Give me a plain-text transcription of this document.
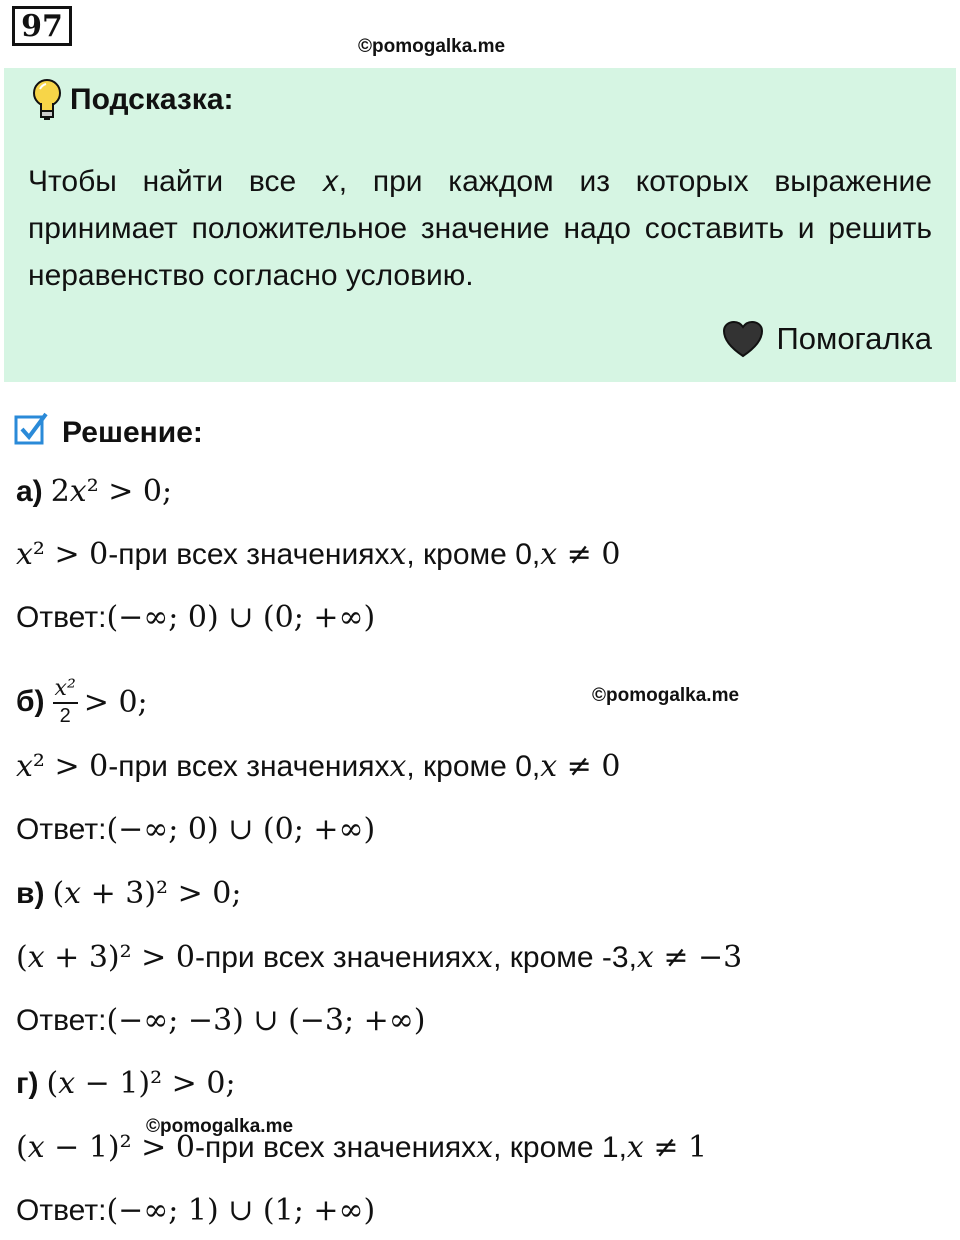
97
©pomogalka.me
Подсказка:
Чтобы найти все 𝑥, при каждом из которых выражение принимает положительное значение надо составить и решить неравенство согласно условию.
Помогалка
Решение:
а) 2𝑥² > 0;
𝑥² > 0 -при всех значениях 𝑥 , кроме 0, 𝑥 ≠ 0
Ответ: (−∞; 0) ∪ (0; +∞)
$б) \frac{\text{x²}}{2} > 0$;	©pomogalka.me
𝑥² > 0 -при всех значениях 𝑥 , кроме 0, 𝑥 ≠ 0
Ответ: (−∞; 0) ∪ (0; +∞)
в) (𝑥 + 3)² > 0;
(𝑥 + 3)² > 0 -при всех значениях 𝑥 , кроме -3, 𝑥 ≠ −3
Ответ: (−∞; −3) ∪ (−3; +∞)
г) (𝑥 − 1)² > 0;
©pomogalka.me
(𝑥 − 1)² > 0 -при всех значениях 𝑥 , кроме 1, 𝑥 ≠ 1
Ответ: (−∞; 1) ∪ (1; +∞)
